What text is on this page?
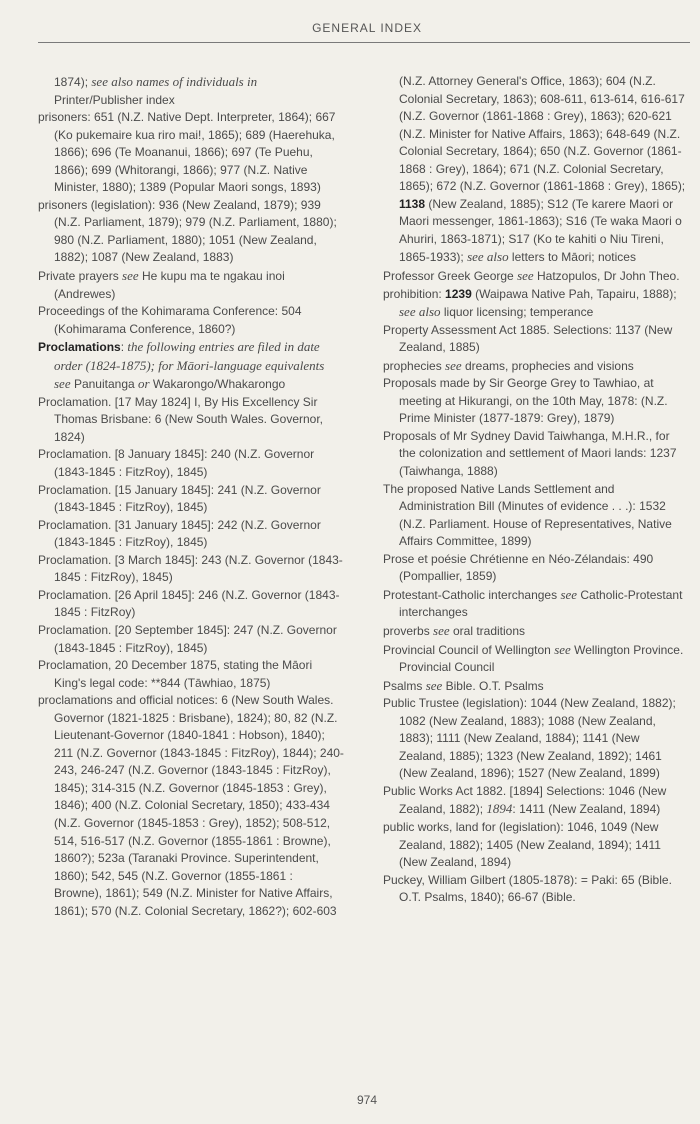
GENERAL INDEX

1874); see also names of individuals in Printer/Publisher index

prisoners: 651 (N.Z. Native Dept. Interpreter, 1864); 667 (Ko pukemaire kua riro mai!, 1865); 689 (Haerehuka, 1866); 696 (Te Moananui, 1866); 697 (Te Puehu, 1866); 699 (Whitorangi, 1866); 977 (N.Z. Native Minister, 1880); 1389 (Popular Maori songs, 1893)

prisoners (legislation): 936 (New Zealand, 1879); 939 (N.Z. Parliament, 1879); 979 (N.Z. Parliament, 1880); 980 (N.Z. Parliament, 1880); 1051 (New Zealand, 1882); 1087 (New Zealand, 1883)

Private prayers see He kupu ma te ngakau inoi (Andrewes)

Proceedings of the Kohimarama Conference: 504 (Kohimarama Conference, 1860?)

Proclamations: the following entries are filed in date order (1824-1875); for Māori-language equivalents see Panuitanga or Wakarongo/Whakarongo

Proclamation. [17 May 1824] I, By His Excellency Sir Thomas Brisbane: 6 (New South Wales. Governor, 1824)

Proclamation. [8 January 1845]: 240 (N.Z. Governor (1843-1845 : FitzRoy), 1845)

Proclamation. [15 January 1845]: 241 (N.Z. Governor (1843-1845 : FitzRoy), 1845)

Proclamation. [31 January 1845]: 242 (N.Z. Governor (1843-1845 : FitzRoy), 1845)

Proclamation. [3 March 1845]: 243 (N.Z. Governor (1843-1845 : FitzRoy), 1845)

Proclamation. [26 April 1845]: 246 (N.Z. Governor (1843-1845 : FitzRoy)

Proclamation. [20 September 1845]: 247 (N.Z. Governor (1843-1845 : FitzRoy), 1845)

Proclamation, 20 December 1875, stating the Māori King's legal code: **844 (Tāwhiao, 1875)

proclamations and official notices: 6 (New South Wales. Governor (1821-1825 : Brisbane), 1824); 80, 82 (N.Z. Lieutenant-Governor (1840-1841 : Hobson), 1840); 211 (N.Z. Governor (1843-1845 : FitzRoy), 1844); 240-243, 246-247 (N.Z. Governor (1843-1845 : FitzRoy), 1845); 314-315 (N.Z. Governor (1845-1853 : Grey), 1846); 400 (N.Z. Colonial Secretary, 1850); 433-434 (N.Z. Governor (1845-1853 : Grey), 1852); 508-512, 514, 516-517 (N.Z. Governor (1855-1861 : Browne), 1860?); 523a (Taranaki Province. Superintendent, 1860); 542, 545 (N.Z. Governor (1855-1861 : Browne), 1861); 549 (N.Z. Minister for Native Affairs, 1861); 570 (N.Z. Colonial Secretary, 1862?); 602-603

(N.Z. Attorney General's Office, 1863); 604 (N.Z. Colonial Secretary, 1863); 608-611, 613-614, 616-617 (N.Z. Governor (1861-1868 : Grey), 1863); 620-621 (N.Z. Minister for Native Affairs, 1863); 648-649 (N.Z. Colonial Secretary, 1864); 650 (N.Z. Governor (1861-1868 : Grey), 1864); 671 (N.Z. Colonial Secretary, 1865); 672 (N.Z. Governor (1861-1868 : Grey), 1865); 1138 (New Zealand, 1885); S12 (Te karere Maori or Maori messenger, 1861-1863); S16 (Te waka Maori o Ahuriri, 1863-1871); S17 (Ko te kahiti o Niu Tireni, 1865-1933); see also letters to Māori; notices

Professor Greek George see Hatzopulos, Dr John Theo.

prohibition: 1239 (Waipawa Native Pah, Tapairu, 1888); see also liquor licensing; temperance

Property Assessment Act 1885. Selections: 1137 (New Zealand, 1885)

prophecies see dreams, prophecies and visions

Proposals made by Sir George Grey to Tawhiao, at meeting at Hikurangi, on the 10th May, 1878: (N.Z. Prime Minister (1877-1879: Grey), 1879)

Proposals of Mr Sydney David Taiwhanga, M.H.R., for the colonization and settlement of Maori lands: 1237 (Taiwhanga, 1888)

The proposed Native Lands Settlement and Administration Bill (Minutes of evidence . . .): 1532 (N.Z. Parliament. House of Representatives, Native Affairs Committee, 1899)

Prose et poésie Chrétienne en Néo-Zélandais: 490 (Pompallier, 1859)

Protestant-Catholic interchanges see Catholic-Protestant interchanges

proverbs see oral traditions

Provincial Council of Wellington see Wellington Province. Provincial Council

Psalms see Bible. O.T. Psalms

Public Trustee (legislation): 1044 (New Zealand, 1882); 1082 (New Zealand, 1883); 1088 (New Zealand, 1883); 1111 (New Zealand, 1884); 1141 (New Zealand, 1885); 1323 (New Zealand, 1892); 1461 (New Zealand, 1896); 1527 (New Zealand, 1899)

Public Works Act 1882. [1894] Selections: 1046 (New Zealand, 1882); 1894: 1411 (New Zealand, 1894)

public works, land for (legislation): 1046, 1049 (New Zealand, 1882); 1405 (New Zealand, 1894); 1411 (New Zealand, 1894)

Puckey, William Gilbert (1805-1878): = Paki: 65 (Bible. O.T. Psalms, 1840); 66-67 (Bible.

974
